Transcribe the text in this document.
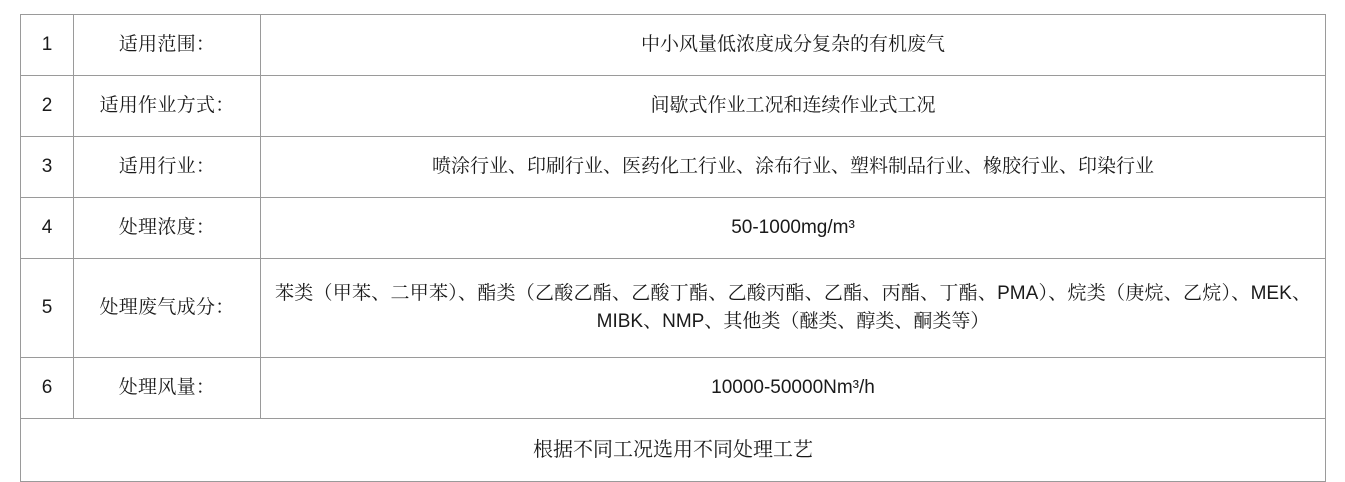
1	适用范围：	中小风量低浓度成分复杂的有机废气
2	适用作业方式：	间歇式作业工况和连续作业式工况
3	适用行业：	喷涂行业、印刷行业、医药化工行业、涂布行业、塑料制品行业、橡胶行业、印染行业
4	处理浓度：	50-1000mg/m³
5	处理废气成分：	苯类（甲苯、二甲苯）、酯类（乙酸乙酯、乙酸丁酯、乙酸丙酯、乙酯、丙酯、丁酯、PMA）、烷类（庚烷、乙烷）、MEK、MIBK、NMP、其他类（醚类、醇类、酮类等）
6	处理风量：	10000-50000Nm³/h
根据不同工况选用不同处理工艺		
